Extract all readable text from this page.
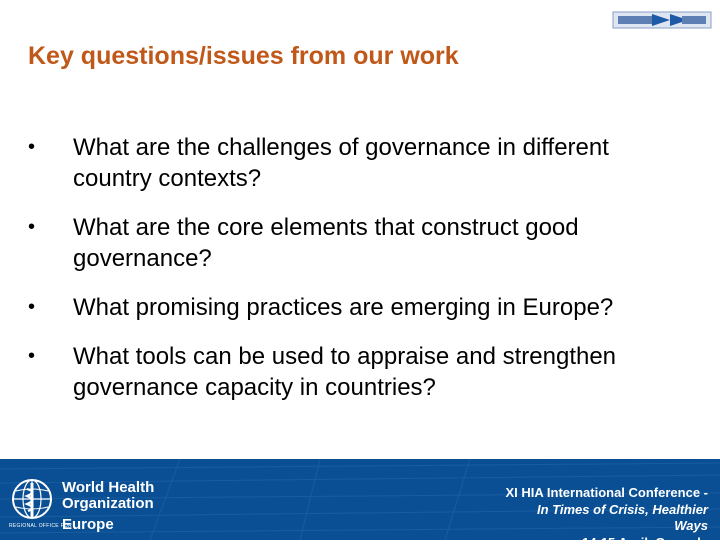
Key questions/issues from our work
•	What are the challenges of governance in different country contexts?
•	What are the core elements that construct good governance?
•	What promising practices are emerging in Europe?
•	What tools can be used to appraise and strengthen governance capacity in countries?
World Health
Organization
REGIONAL OFFICE FOR
Europe
XI HIA International Conference -
In Times of Crisis, Healthier
Ways
14-15 April, Granada
